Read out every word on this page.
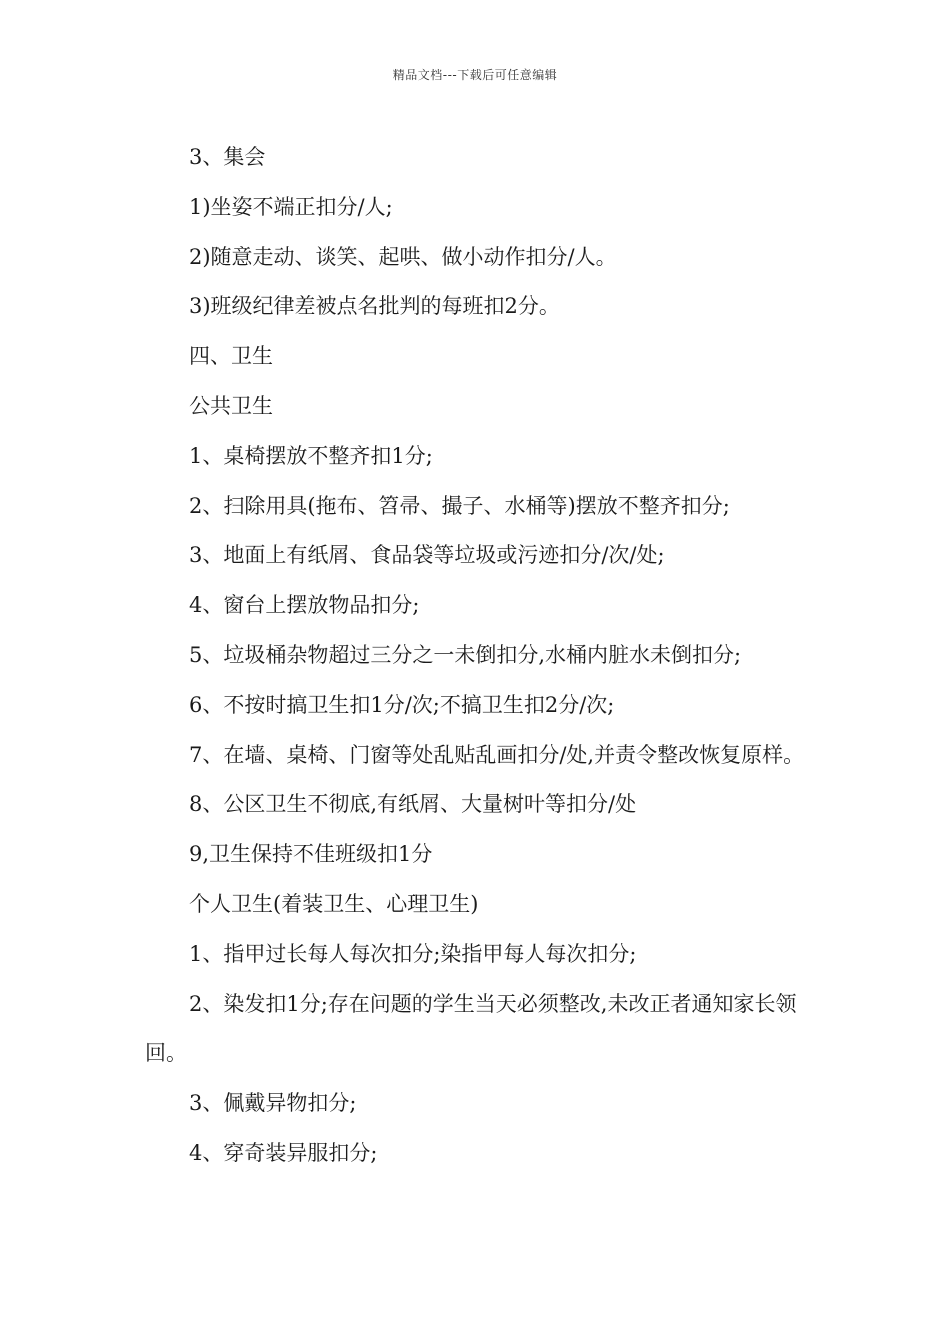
精品文档---下载后可任意编辑

3、集会

1)坐姿不端正扣分/人;

2)随意走动、谈笑、起哄、做小动作扣分/人。

3)班级纪律差被点名批判的每班扣2分。

四、卫生

公共卫生

1、桌椅摆放不整齐扣1分;

2、扫除用具(拖布、笤帚、撮子、水桶等)摆放不整齐扣分;

3、地面上有纸屑、食品袋等垃圾或污迹扣分/次/处;

4、窗台上摆放物品扣分;

5、垃圾桶杂物超过三分之一未倒扣分,水桶内脏水未倒扣分;

6、不按时搞卫生扣1分/次;不搞卫生扣2分/次;

7、在墙、桌椅、门窗等处乱贴乱画扣分/处,并责令整改恢复原样。

8、公区卫生不彻底,有纸屑、大量树叶等扣分/处

9,卫生保持不佳班级扣1分

个人卫生(着装卫生、心理卫生)

1、指甲过长每人每次扣分;染指甲每人每次扣分;

2、染发扣1分;存在问题的学生当天必须整改,未改正者通知家长领回。

3、佩戴异物扣分;

4、穿奇装异服扣分;
